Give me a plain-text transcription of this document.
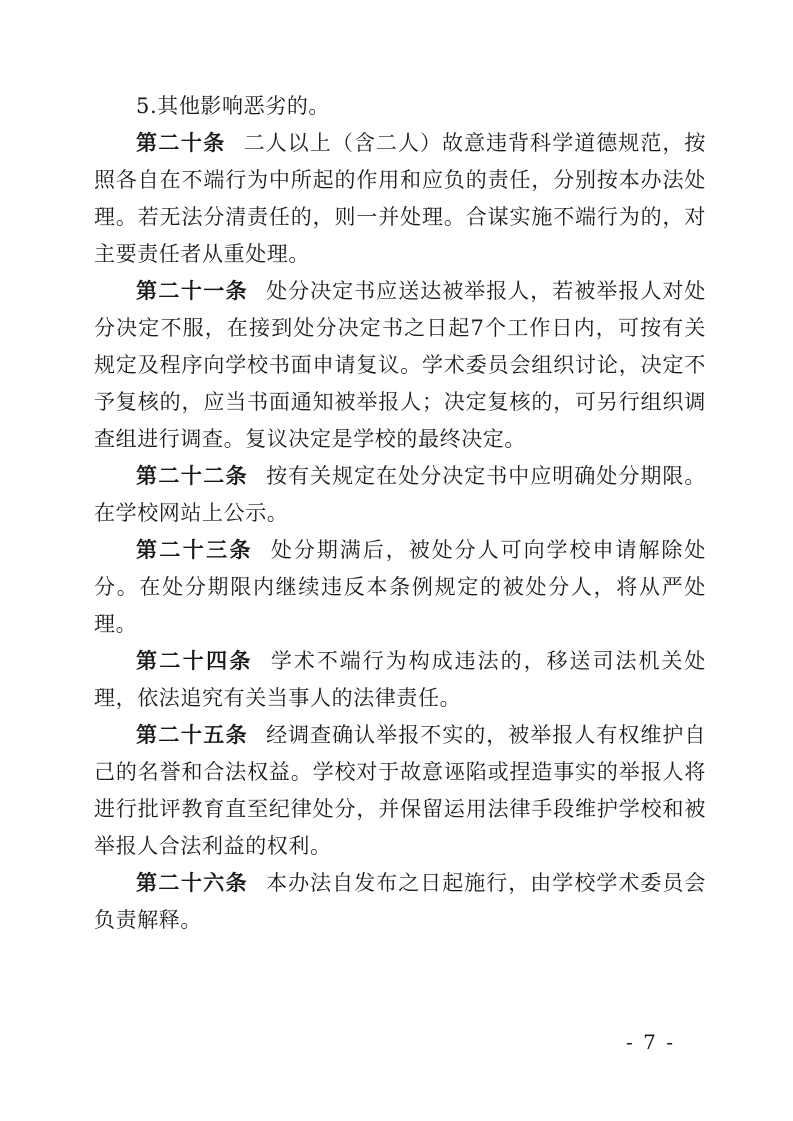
5.其他影响恶劣的。

第二十条 二人以上（含二人）故意违背科学道德规范，按照各自在不端行为中所起的作用和应负的责任，分别按本办法处理。若无法分清责任的，则一并处理。合谋实施不端行为的，对主要责任者从重处理。

第二十一条 处分决定书应送达被举报人，若被举报人对处分决定不服，在接到处分决定书之日起7个工作日内，可按有关规定及程序向学校书面申请复议。学术委员会组织讨论，决定不予复核的，应当书面通知被举报人；决定复核的，可另行组织调查组进行调查。复议决定是学校的最终决定。

第二十二条 按有关规定在处分决定书中应明确处分期限。在学校网站上公示。

第二十三条 处分期满后，被处分人可向学校申请解除处分。在处分期限内继续违反本条例规定的被处分人，将从严处理。

第二十四条 学术不端行为构成违法的，移送司法机关处理，依法追究有关当事人的法律责任。

第二十五条 经调查确认举报不实的，被举报人有权维护自己的名誉和合法权益。学校对于故意诬陷或捏造事实的举报人将进行批评教育直至纪律处分，并保留运用法律手段维护学校和被举报人合法利益的权利。

第二十六条 本办法自发布之日起施行，由学校学术委员会负责解释。

- 7 -
